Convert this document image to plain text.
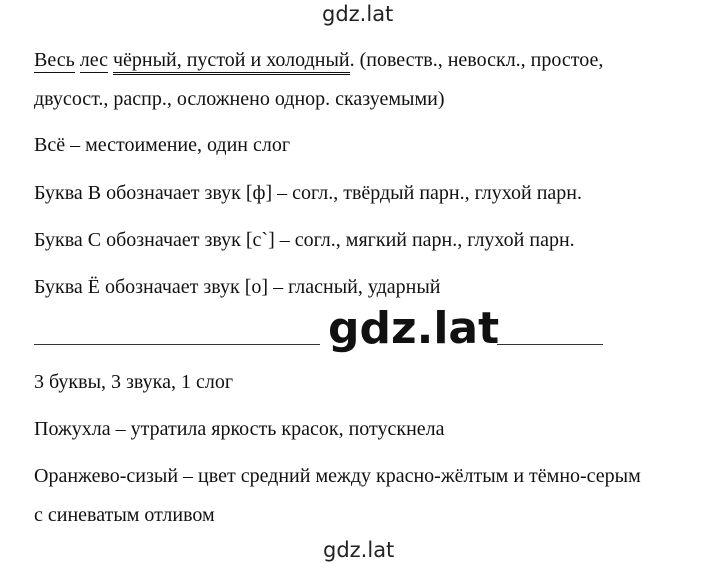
gdz.lat
Весь лес чёрный, пустой и холодный. (повеств., невоскл., простое,
двусост., распр., осложнено однор. сказуемыми)
Всё – местоимение, один слог
Буква В обозначает звук [ф] – согл., твёрдый парн., глухой парн.
Буква С обозначает звук [с`] – согл., мягкий парн., глухой парн.
Буква Ё обозначает звук [о] – гласный, ударный
gdz.lat
3 буквы, 3 звука, 1 слог
Пожухла – утратила яркость красок, потускнела
Оранжево-сизый – цвет средний между красно-жёлтым и тёмно-серым
с синеватым отливом
gdz.lat
